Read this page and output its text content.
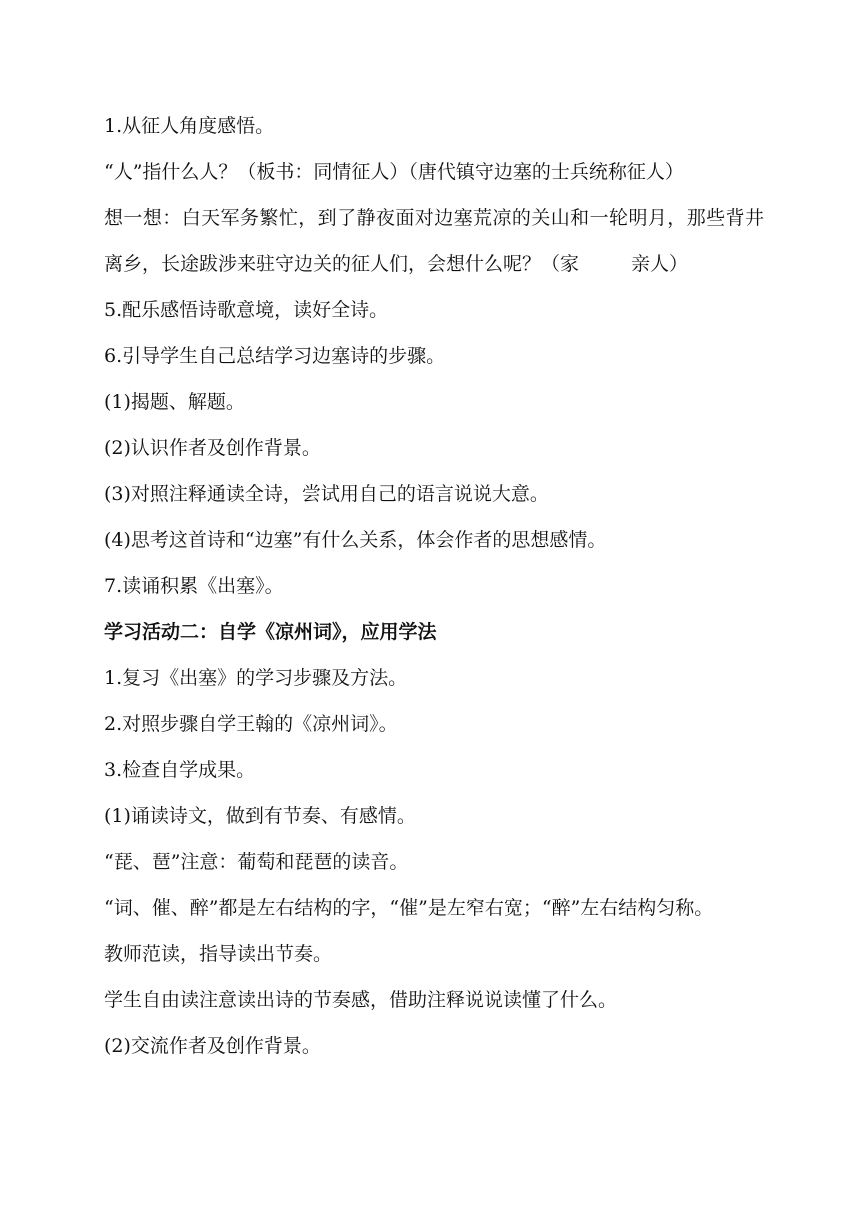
1.从征人角度感悟。

“人”指什么人？（板书：同情征人）（唐代镇守边塞的士兵统称征人）

想一想：白天军务繁忙，到了静夜面对边塞荒凉的关山和一轮明月，那些背井离乡，长途跋涉来驻守边关的征人们，会想什么呢？（家	亲人）

5.配乐感悟诗歌意境，读好全诗。

6.引导学生自己总结学习边塞诗的步骤。

(1)揭题、解题。

(2)认识作者及创作背景。

(3)对照注释通读全诗，尝试用自己的语言说说大意。

(4)思考这首诗和“边塞”有什么关系，体会作者的思想感情。

7.读诵积累《出塞》。

学习活动二：自学《凉州词》，应用学法

1.复习《出塞》的学习步骤及方法。

2.对照步骤自学王翰的《凉州词》。

3.检查自学成果。

(1)诵读诗文，做到有节奏、有感情。

“琵、琶”注意：葡萄和琵琶的读音。

“词、催、醉”都是左右结构的字，“催”是左窄右宽；“醉”左右结构匀称。

教师范读，指导读出节奏。

学生自由读注意读出诗的节奏感，借助注释说说读懂了什么。

(2)交流作者及创作背景。
